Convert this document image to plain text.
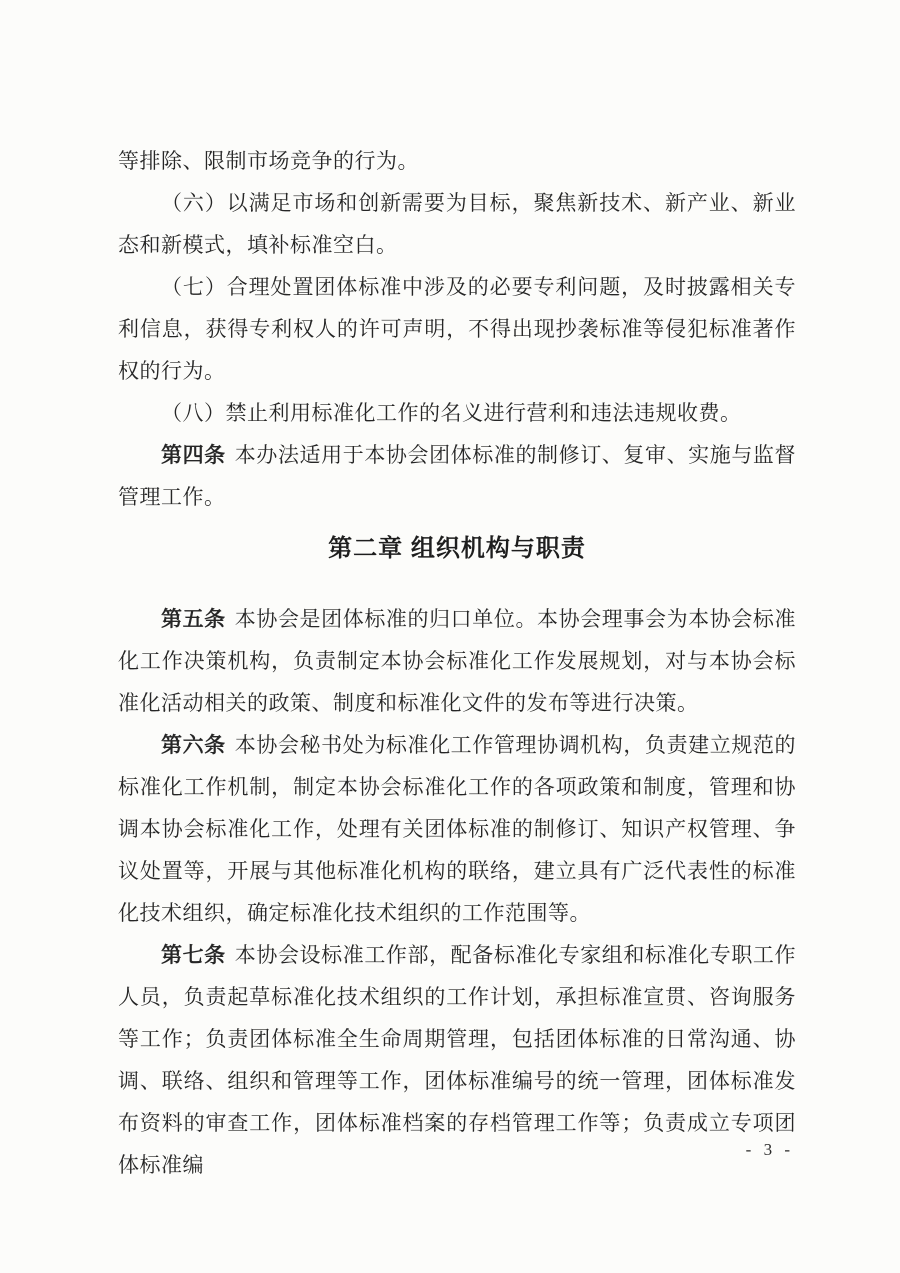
等排除、限制市场竞争的行为。

（六）以满足市场和创新需要为目标，聚焦新技术、新产业、新业态和新模式，填补标准空白。

（七）合理处置团体标准中涉及的必要专利问题，及时披露相关专利信息，获得专利权人的许可声明，不得出现抄袭标准等侵犯标准著作权的行为。

（八）禁止利用标准化工作的名义进行营利和违法违规收费。

第四条 本办法适用于本协会团体标准的制修订、复审、实施与监督管理工作。

第二章 组织机构与职责

第五条 本协会是团体标准的归口单位。本协会理事会为本协会标准化工作决策机构，负责制定本协会标准化工作发展规划，对与本协会标准化活动相关的政策、制度和标准化文件的发布等进行决策。

第六条 本协会秘书处为标准化工作管理协调机构，负责建立规范的标准化工作机制，制定本协会标准化工作的各项政策和制度，管理和协调本协会标准化工作，处理有关团体标准的制修订、知识产权管理、争议处置等，开展与其他标准化机构的联络，建立具有广泛代表性的标准化技术组织，确定标准化技术组织的工作范围等。

第七条 本协会设标准工作部，配备标准化专家组和标准化专职工作人员，负责起草标准化技术组织的工作计划，承担标准宣贯、咨询服务等工作；负责团体标准全生命周期管理，包括团体标准的日常沟通、协调、联络、组织和管理等工作，团体标准编号的统一管理，团体标准发布资料的审查工作，团体标准档案的存档管理工作等；负责成立专项团体标准编

- 3 -
